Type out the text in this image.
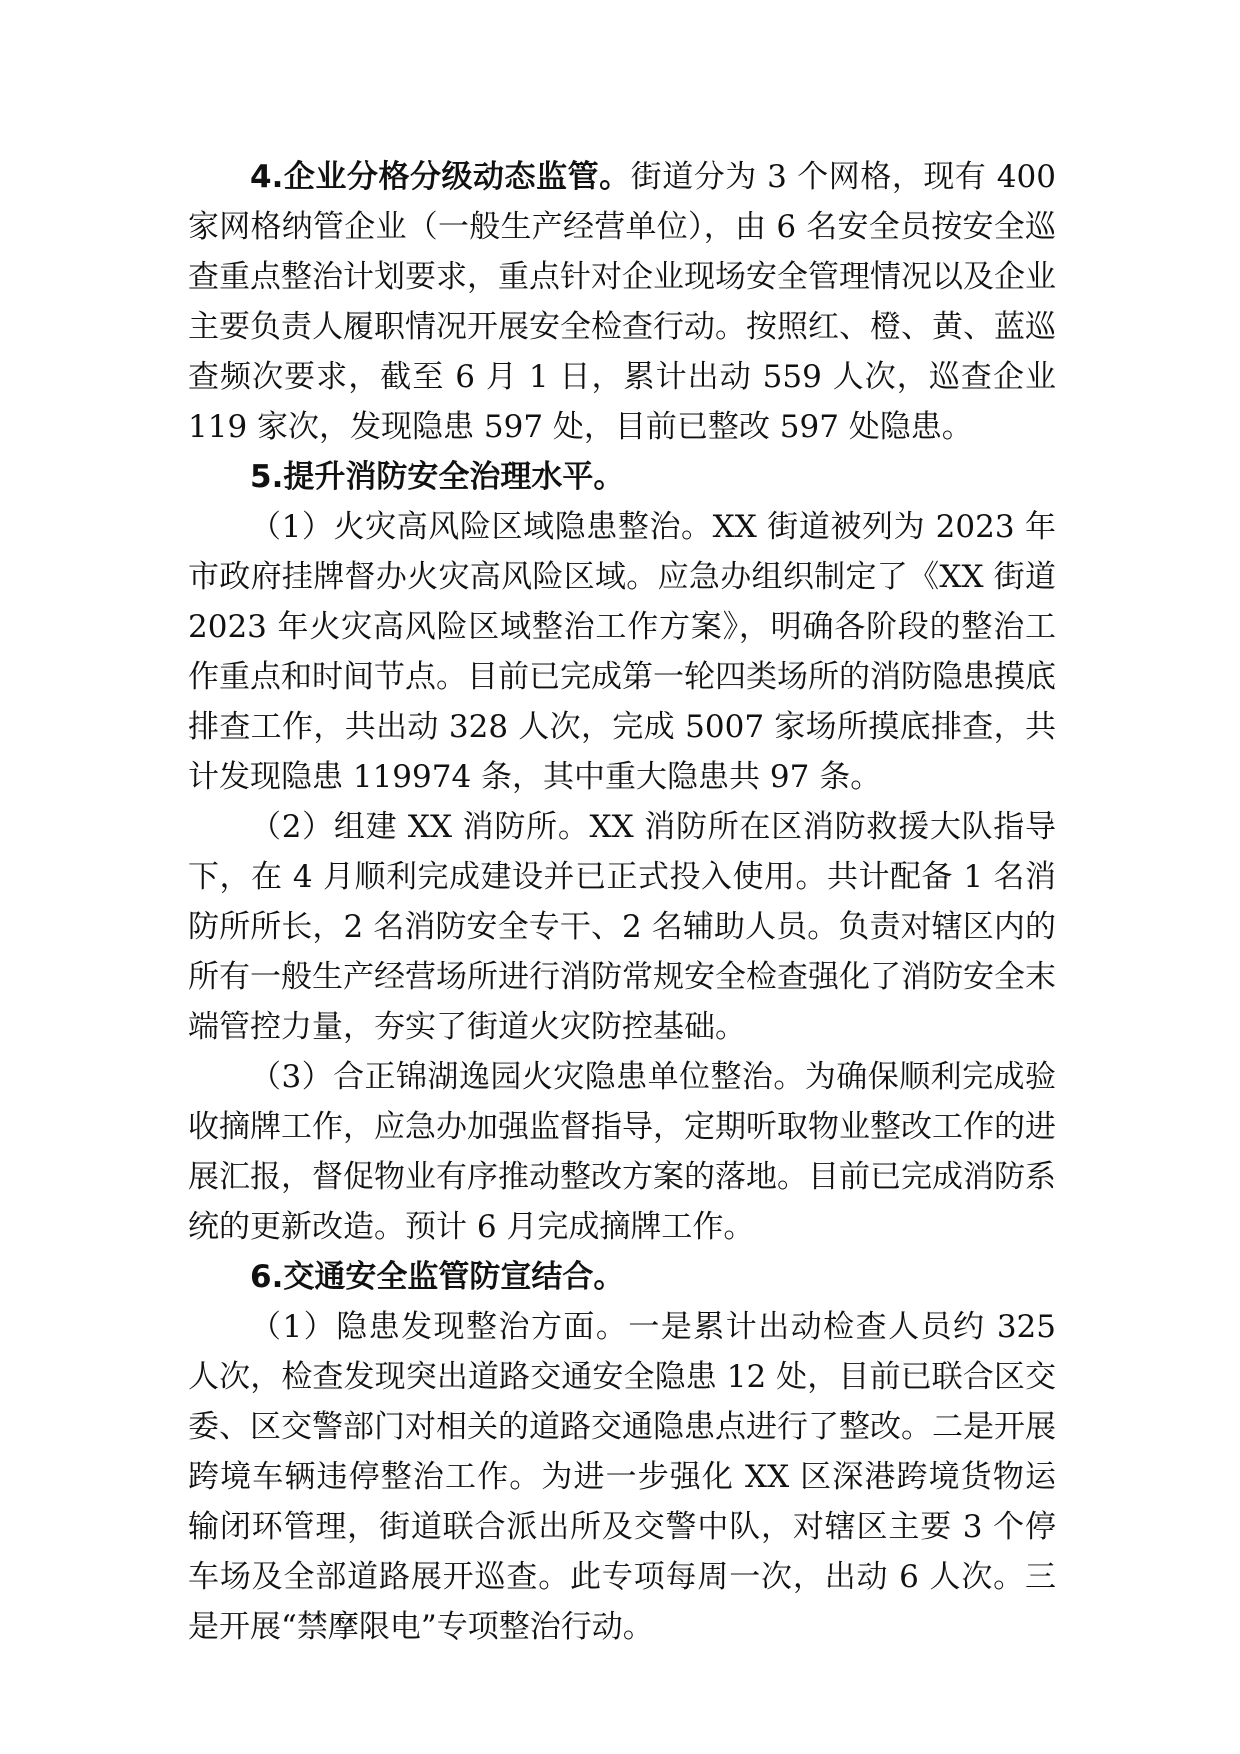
4.企业分格分级动态监管。街道分为 3 个网格，现有 400 家网格纳管企业（一般生产经营单位），由 6 名安全员按安全巡查重点整治计划要求，重点针对企业现场安全管理情况以及企业主要负责人履职情况开展安全检查行动。按照红、橙、黄、蓝巡查频次要求，截至 6 月 1 日，累计出动 559 人次，巡查企业 119 家次，发现隐患 597 处，目前已整改 597 处隐患。

5.提升消防安全治理水平。

（1）火灾高风险区域隐患整治。XX 街道被列为 2023 年市政府挂牌督办火灾高风险区域。应急办组织制定了《XX 街道 2023 年火灾高风险区域整治工作方案》，明确各阶段的整治工作重点和时间节点。目前已完成第一轮四类场所的消防隐患摸底排查工作，共出动 328 人次，完成 5007 家场所摸底排查，共计发现隐患 119974 条，其中重大隐患共 97 条。

（2）组建 XX 消防所。XX 消防所在区消防救援大队指导下，在 4 月顺利完成建设并已正式投入使用。共计配备 1 名消防所所长，2 名消防安全专干、2 名辅助人员。负责对辖区内的所有一般生产经营场所进行消防常规安全检查强化了消防安全末端管控力量，夯实了街道火灾防控基础。

（3）合正锦湖逸园火灾隐患单位整治。为确保顺利完成验收摘牌工作，应急办加强监督指导，定期听取物业整改工作的进展汇报，督促物业有序推动整改方案的落地。目前已完成消防系统的更新改造。预计 6 月完成摘牌工作。

6.交通安全监管防宣结合。

（1）隐患发现整治方面。一是累计出动检查人员约 325 人次，检查发现突出道路交通安全隐患 12 处，目前已联合区交委、区交警部门对相关的道路交通隐患点进行了整改。二是开展跨境车辆违停整治工作。为进一步强化 XX 区深港跨境货物运输闭环管理，街道联合派出所及交警中队，对辖区主要 3 个停车场及全部道路展开巡查。此专项每周一次，出动 6 人次。三是开展“禁摩限电”专项整治行动。
